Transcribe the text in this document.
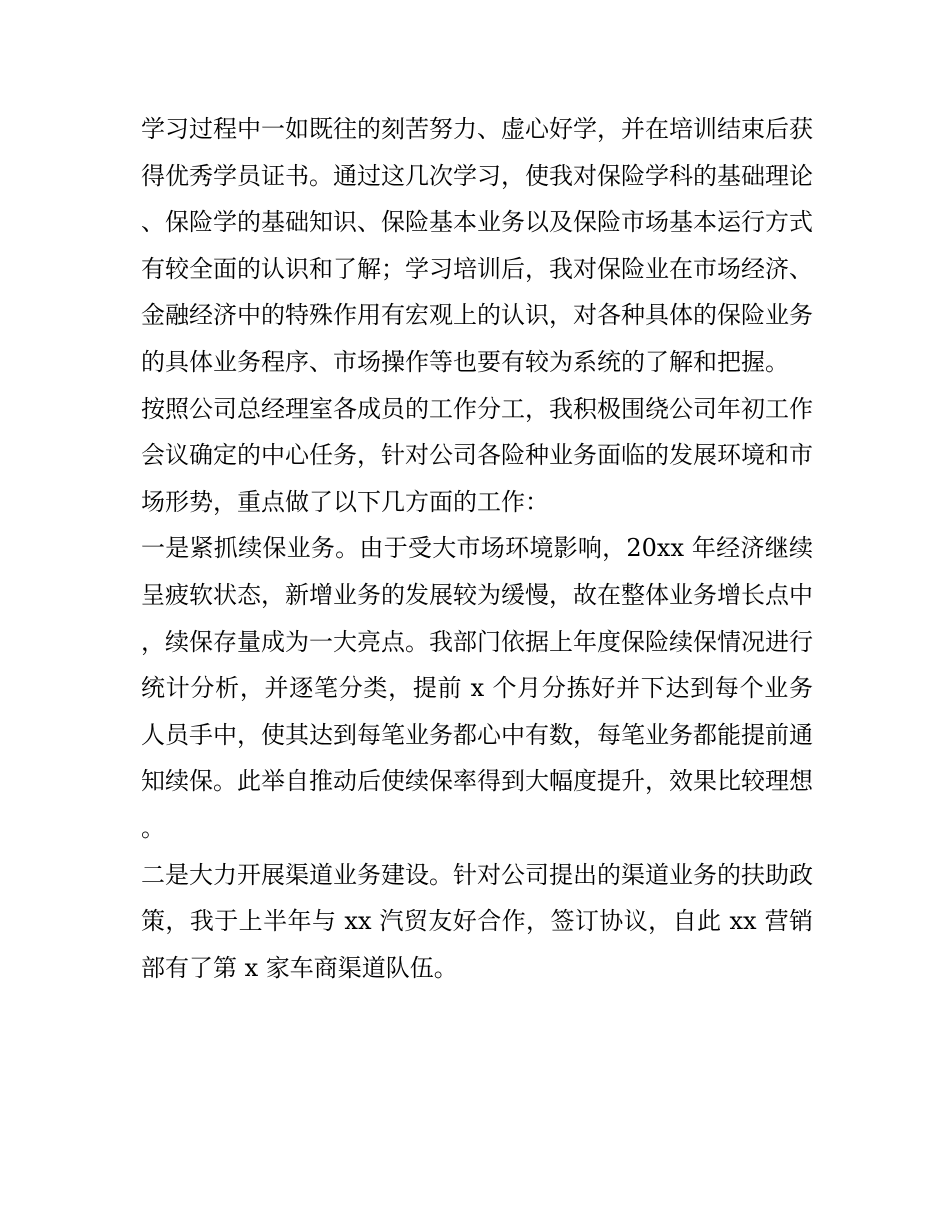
学习过程中一如既往的刻苦努力、虚心好学，并在培训结束后获得优秀学员证书。通过这几次学习，使我对保险学科的基础理论、保险学的基础知识、保险基本业务以及保险市场基本运行方式有较全面的认识和了解；学习培训后，我对保险业在市场经济、金融经济中的特殊作用有宏观上的认识，对各种具体的保险业务的具体业务程序、市场操作等也要有较为系统的了解和把握。

按照公司总经理室各成员的工作分工，我积极围绕公司年初工作会议确定的中心任务，针对公司各险种业务面临的发展环境和市场形势，重点做了以下几方面的工作：

一是紧抓续保业务。由于受大市场环境影响，20xx 年经济继续呈疲软状态，新增业务的发展较为缓慢，故在整体业务增长点中，续保存量成为一大亮点。我部门依据上年度保险续保情况进行统计分析，并逐笔分类，提前 x 个月分拣好并下达到每个业务人员手中，使其达到每笔业务都心中有数，每笔业务都能提前通知续保。此举自推动后使续保率得到大幅度提升，效果比较理想。

二是大力开展渠道业务建设。针对公司提出的渠道业务的扶助政策，我于上半年与 xx 汽贸友好合作，签订协议，自此 xx 营销部有了第 x 家车商渠道队伍。
